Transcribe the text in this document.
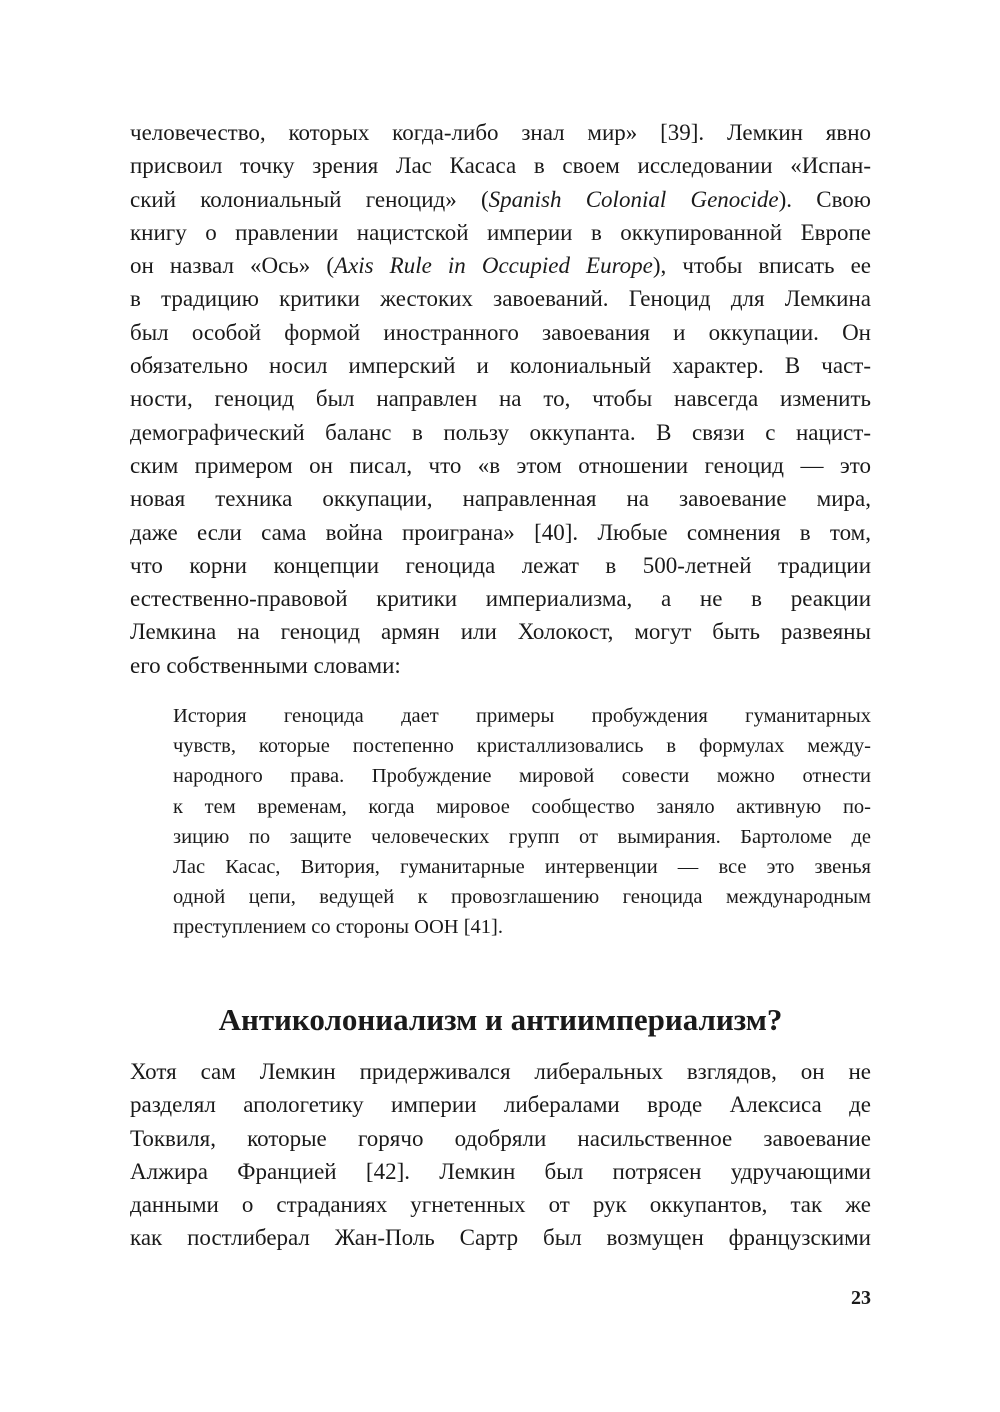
человечество, которых когда-либо знал мир» [39]. Лемкин явно
присвоил точку зрения Лас Касаса в своем исследовании «Испан-
ский колониальный геноцид» (Spanish Colonial Genocide). Свою
книгу о правлении нацистской империи в оккупированной Европе
он назвал «Ось» (Axis Rule in Occupied Europe), чтобы вписать ее
в традицию критики жестоких завоеваний. Геноцид для Лемкина
был особой формой иностранного завоевания и оккупации. Он
обязательно носил имперский и колониальный характер. В част-
ности, геноцид был направлен на то, чтобы навсегда изменить
демографический баланс в пользу оккупанта. В связи с нацист-
ским примером он писал, что «в этом отношении геноцид — это
новая техника оккупации, направленная на завоевание мира,
даже если сама война проиграна» [40]. Любые сомнения в том,
что корни концепции геноцида лежат в 500-летней традиции
естественно-правовой критики империализма, а не в реакции
Лемкина на геноцид армян или Холокост, могут быть развеяны
его собственными словами:
История геноцида дает примеры пробуждения гуманитарных
чувств, которые постепенно кристаллизовались в формулах между-
народного права. Пробуждение мировой совести можно отнести
к тем временам, когда мировое сообщество заняло активную по-
зицию по защите человеческих групп от вымирания. Бартоломе де
Лас Касас, Витория, гуманитарные интервенции — все это звенья
одной цепи, ведущей к провозглашению геноцида международным
преступлением со стороны ООН [41].
Антиколониализм и антиимпериализм?
Хотя сам Лемкин придерживался либеральных взглядов, он не
разделял апологетику империи либералами вроде Алексиса де
Токвиля, которые горячо одобряли насильственное завоевание
Алжира Францией [42]. Лемкин был потрясен удручающими
данными о страданиях угнетенных от рук оккупантов, так же
как постлиберал Жан-Поль Сартр был возмущен французскими
23
